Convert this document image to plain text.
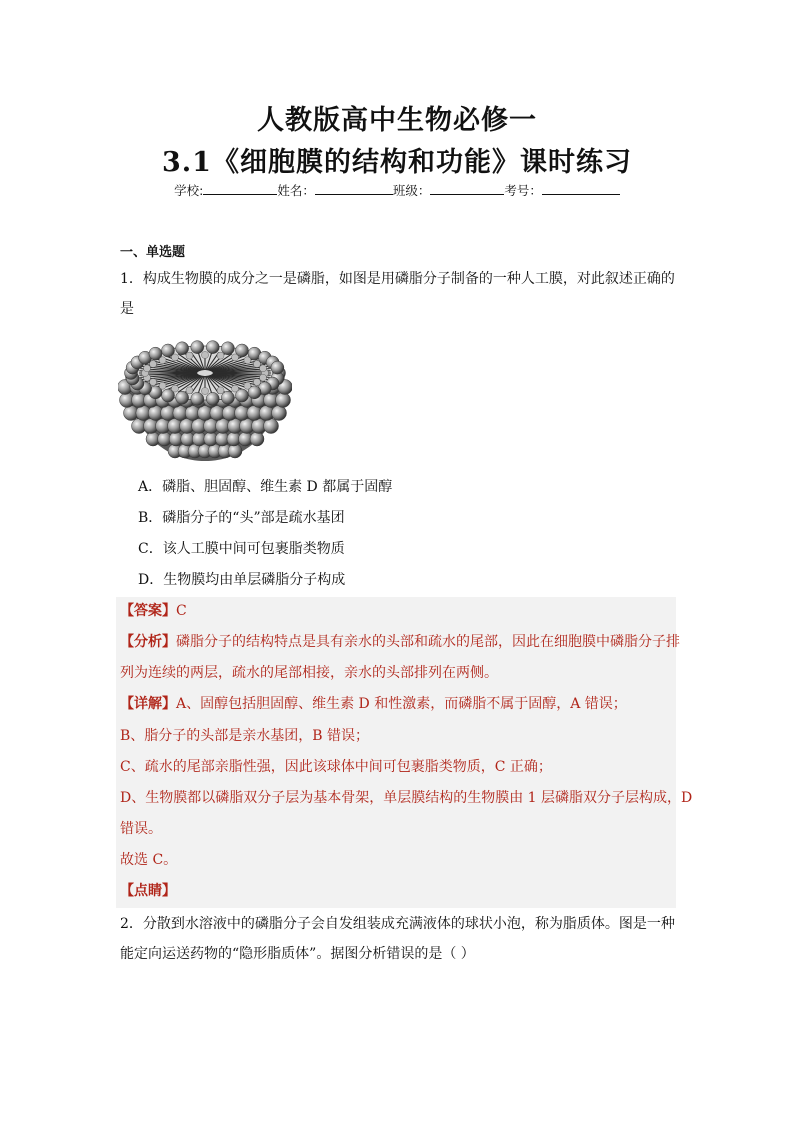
人教版高中生物必修一
3.1《细胞膜的结构和功能》课时练习
学校:	姓名：	班级：	考号：
一、单选题
1．构成生物膜的成分之一是磷脂，如图是用磷脂分子制备的一种人工膜，对此叙述正确的
是
A．磷脂、胆固醇、维生素 D 都属于固醇
B．磷脂分子的“头”部是疏水基团
C．该人工膜中间可包裹脂类物质
D．生物膜均由单层磷脂分子构成
【答案】C
【分析】磷脂分子的结构特点是具有亲水的头部和疏水的尾部，因此在细胞膜中磷脂分子排
列为连续的两层，疏水的尾部相接，亲水的头部排列在两侧。
【详解】A、固醇包括胆固醇、维生素 D 和性激素，而磷脂不属于固醇，A 错误；
B、脂分子的头部是亲水基团，B 错误；
C、疏水的尾部亲脂性强，因此该球体中间可包裹脂类物质，C 正确；
D、生物膜都以磷脂双分子层为基本骨架，单层膜结构的生物膜由 1 层磷脂双分子层构成，D
错误。
故选 C。
【点睛】
2．分散到水溶液中的磷脂分子会自发组装成充满液体的球状小泡，称为脂质体。图是一种
能定向运送药物的“隐形脂质体”。据图分析错误的是（ ）
